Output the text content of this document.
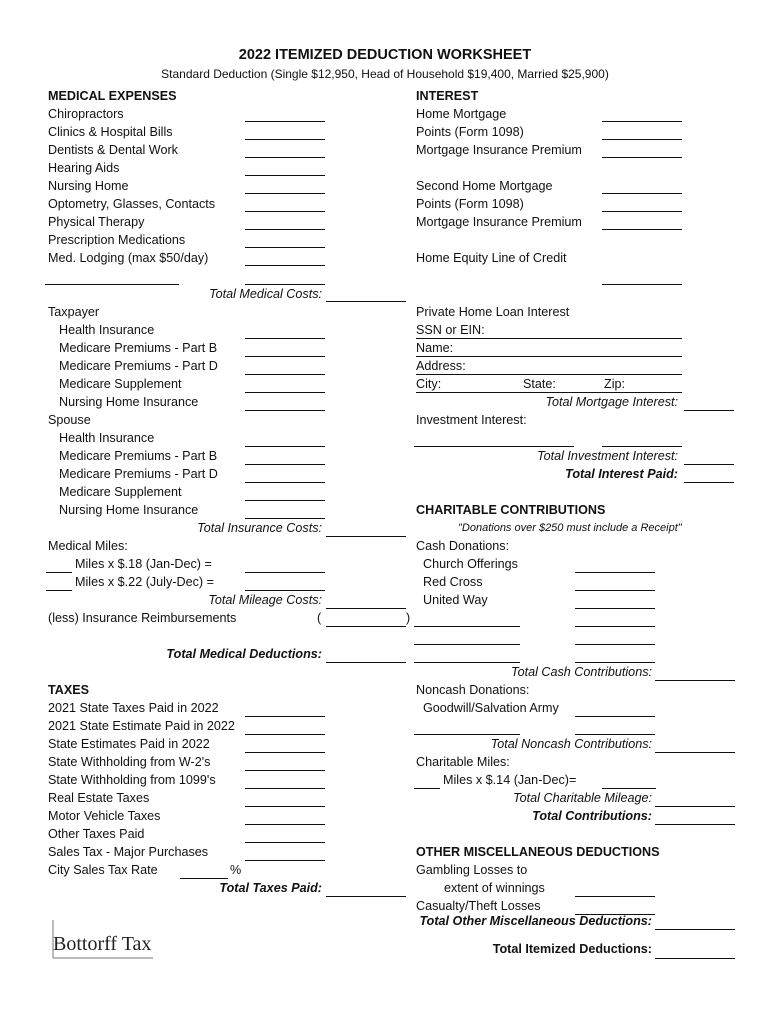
2022 ITEMIZED DEDUCTION WORKSHEET
Standard Deduction (Single $12,950, Head of Household $19,400, Married $25,900)
MEDICAL EXPENSES
Chiropractors
Clinics & Hospital Bills
Dentists & Dental Work
Hearing Aids
Nursing Home
Optometry, Glasses, Contacts
Physical Therapy
Prescription Medications
Med. Lodging (max $50/day)
Total Medical Costs:
Taxpayer
Health Insurance
Medicare Premiums - Part B
Medicare Premiums - Part D
Medicare Supplement
Nursing Home Insurance
Spouse
Health Insurance
Medicare Premiums - Part B
Medicare Premiums - Part D
Medicare Supplement
Nursing Home Insurance
Total Insurance Costs:
Medical Miles:
Miles x $.18 (Jan-Dec) =
Miles x $.22 (July-Dec) =
Total Mileage Costs:
(less) Insurance Reimbursements	(	)
Total Medical Deductions:
TAXES
2021 State Taxes Paid in 2022
2021 State Estimate Paid in 2022
State Estimates Paid in 2022
State Withholding from W-2's
State Withholding from 1099's
Real Estate Taxes
Motor Vehicle Taxes
Other Taxes Paid
Sales Tax - Major Purchases
City Sales Tax Rate	%
Total Taxes Paid:
Bottorff Tax
INTEREST
Home Mortgage
Points (Form 1098)
Mortgage Insurance Premium
Second Home Mortgage
Points (Form 1098)
Mortgage Insurance Premium
Home Equity Line of Credit
Private Home Loan Interest
SSN or EIN:
Name:
Address:
City:	State:	Zip:
Total Mortgage Interest:
Investment Interest:
Total Investment Interest:
Total Interest Paid:
CHARITABLE CONTRIBUTIONS
"Donations over $250 must include a Receipt"
Cash Donations:
Church Offerings
Red Cross
United Way
Total Cash Contributions:
Noncash Donations:
Goodwill/Salvation Army
Total Noncash Contributions:
Charitable Miles:
Miles x $.14 (Jan-Dec)=
Total Charitable Mileage:
Total Contributions:
OTHER MISCELLANEOUS DEDUCTIONS
Gambling Losses to
extent of winnings
Casualty/Theft Losses
Total Other Miscellaneous Deductions:
Total Itemized Deductions:
